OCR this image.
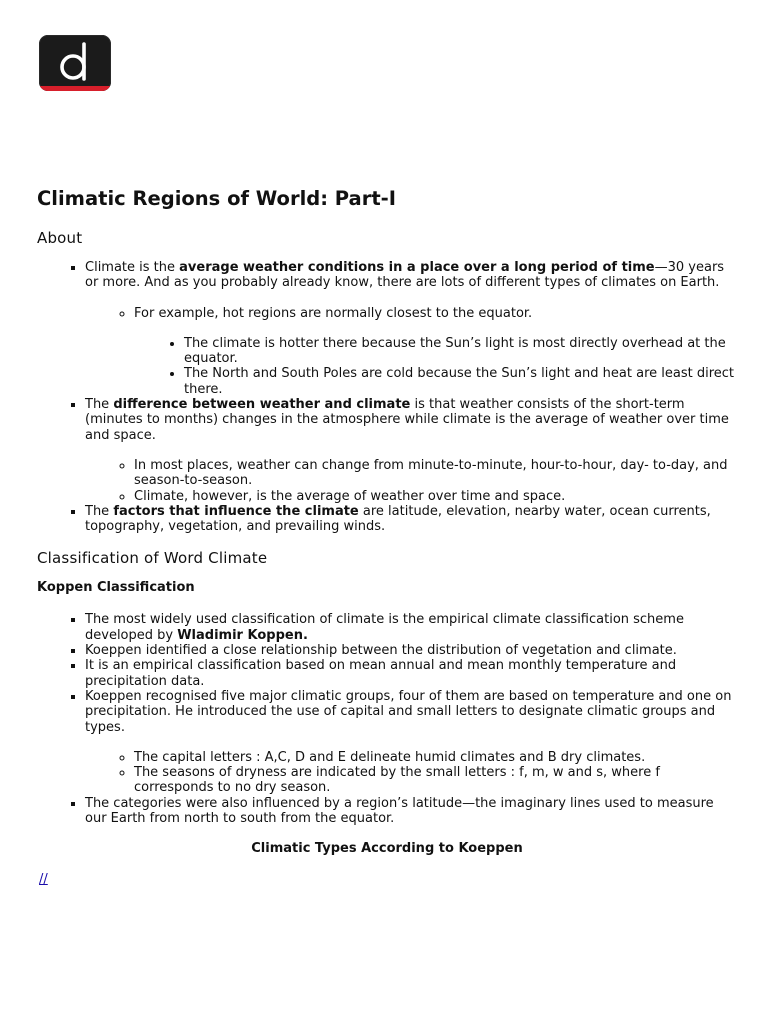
Climatic Regions of World: Part-I
About
▪ Climate is the average weather conditions in a place over a long period of time—30 years or more. And as you probably already know, there are lots of different types of climates on Earth.
◦ For example, hot regions are normally closest to the equator.
• The climate is hotter there because the Sun’s light is most directly overhead at the equator.
• The North and South Poles are cold because the Sun’s light and heat are least direct there.
▪ The difference between weather and climate is that weather consists of the short-term (minutes to months) changes in the atmosphere while climate is the average of weather over time and space.
◦ In most places, weather can change from minute-to-minute, hour-to-hour, day- to-day, and season-to-season.
◦ Climate, however, is the average of weather over time and space.
▪ The factors that influence the climate are latitude, elevation, nearby water, ocean currents, topography, vegetation, and prevailing winds.
Classification of Word Climate
Koppen Classification
▪ The most widely used classification of climate is the empirical climate classification scheme developed by Wladimir Koppen.
▪ Koeppen identified a close relationship between the distribution of vegetation and climate.
▪ It is an empirical classification based on mean annual and mean monthly temperature and precipitation data.
▪ Koeppen recognised five major climatic groups, four of them are based on temperature and one on precipitation. He introduced the use of capital and small letters to designate climatic groups and types.
◦ The capital letters : A,C, D and E delineate humid climates and B dry climates.
◦ The seasons of dryness are indicated by the small letters : f, m, w and s, where f corresponds to no dry season.
▪ The categories were also influenced by a region’s latitude—the imaginary lines used to measure our Earth from north to south from the equator.

Climatic Types According to Koeppen

//
